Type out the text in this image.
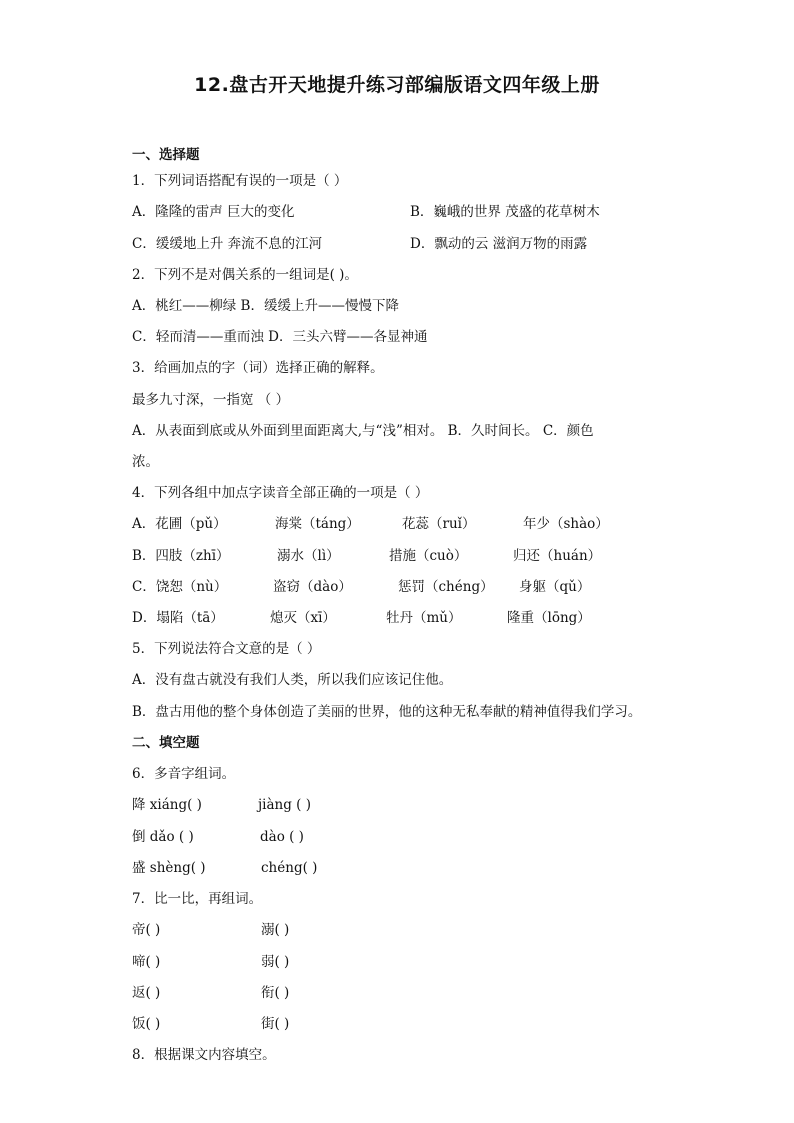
12.盘古开天地提升练习部编版语文四年级上册
一、选择题
1．下列词语搭配有误的一项是（ ）
A．隆隆的雷声 巨大的变化	B．巍峨的世界 茂盛的花草树木
C．缓缓地上升 奔流不息的江河	D．飘动的云 滋润万物的雨露
2．下列不是对偶关系的一组词是( )。
A．桃红——柳绿 B．缓缓上升——慢慢下降
C．轻而清——重而浊 D．三头六臂——各显神通
3．给画加点的字（词）选择正确的解释。
最多九寸深，一指宽 （ ）
A．从表面到底或从外面到里面距离大,与“浅”相对。 B．久时间长。 C．颜色
浓。
4．下列各组中加点字读音全部正确的一项是（ ）
A．花圃（pǔ）	海棠（táng）	花蕊（ruǐ）	年少（shào）
B．四肢（zhī）	溺水（lì）	措施（cuò）	归还（huán）
C．饶恕（nù）	盗窃（dào）	惩罚（chéng） 身躯（qǔ）
D．塌陷（tā）	熄灭（xī）	牡丹（mǔ）	隆重（lōng）
5．下列说法符合文意的是（ ）
A．没有盘古就没有我们人类，所以我们应该记住他。
B．盘古用他的整个身体创造了美丽的世界，他的这种无私奉献的精神值得我们学习。
二、填空题
6．多音字组词。
降 xiáng( )	jiàng ( )
倒 dǎo ( )	dào ( )
盛 shèng( )	chéng( )
7．比一比，再组词。
帝( )	溺( )
啼( )	弱( )
返( )	衔( )
饭( )	街( )
8．根据课文内容填空。
